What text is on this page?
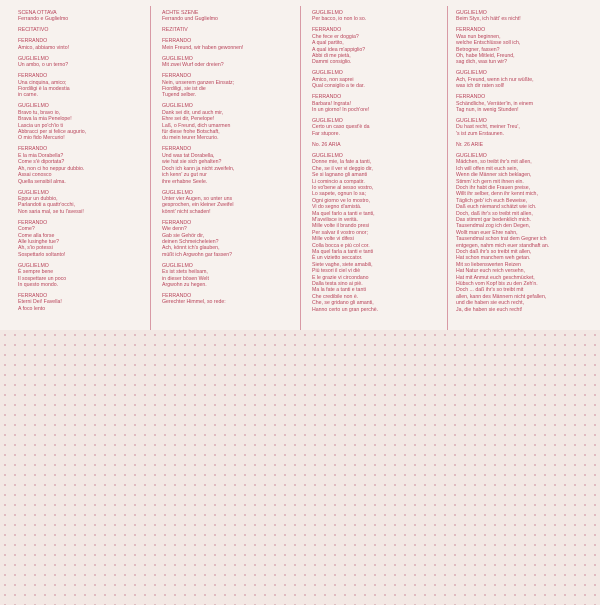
SCENA OTTAVA
Ferrando e Guglielmo
RECITATIVO
FERRANDO
Amico, abbiamo vinto!
GUGLIELMO
Un ambo, o un terno?
FERRANDO
Una cinquina, amico;
Fiordiligi è la modestia
in carne.
GUGLIELMO
Bravo tu, bravo io,
Brava la mia Penelope!
Lascia un po'ch'io ti
Abbracci per si felice augurio,
O mio fido Mercurio!
FERRANDO
E la mia Dorabella?
Come s'è diportata?
Ah, non ci ho neppur dubbio.
Assai conosco
Quella sensibil alma.
GUGLIELMO
Eppur un dubbio,
Parlandoti a quattr'occhi,
Non saria mal, se tu l'avessi!
FERRANDO
Come?
Come alla forse
Alle lusinghe tue?
Ah, s'io potessi
Sospettarlo soltanto!
GUGLIELMO
È sempre bene
Il sospettare un poco
In questo mondo.
FERRANDO
Eterni Dei! Favella!
A foco lento
ACHTE SZENE
Ferrando und Guglielmo
REZITATIV
FERRANDO
Mein Freund, wir haben gewonnen!
GUGLIELMO
Mit zwei Wurf oder dreien?
FERRANDO
Nein, unserem ganzen Einsatz;
Fiordiligi, sie ist die
Tugend selber.
GUGLIELMO
Dank sei dir, und auch mir,
Ehre sei dir, Penelope!
Laß, o Freund, dich umarmen
für diese frohe Botschaft,
du mein teurer Mercurio.
FERRANDO
Und was tat Dorabella,
wie hat sie sich gehalten?
Doch ich kann ja nicht zweifeln,
ich kenn' zu gut nur
ihre erhabne Seele.
GUGLIELMO
Unter vier Augen, so unter uns
gesprochen, ein kleiner Zweifel
könnt' nicht schaden!
FERRANDO
Wie denn?
Gab sie Gehör dir,
deinen Schmeicheleien?
Ach, könnt ich's glauben,
müßt ich Argwohn gar fassen?
GUGLIELMO
Es ist stets heilsam,
in dieser bösen Welt
Argwohn zu hegen.
FERRANDO
Gerechter Himmel, so rede:
GUGLIELMO
Per bacco, io non lo so.
FERRANDO
Che fece er doggia?
A qual partito,
A qual idea m'appiglio?
Abbi di me pietà,
Dammi consiglio.
GUGLIELMO
Amico, non saprei
Qual consiglio a te dar.
FERRANDO
Barbara! Ingrata!
In un giorno! In poch'ore!
GUGLIELMO
Certo un caso quest'è da
Far stupore.
No. 26 ARIA
GUGLIELMO
Donne mie, la fate a tanti,
Che, se il ver vi deggio dir,
Se si lagnano gli amanti
Li comincio a compatir.
Io vo'bene al sesso vostro,
Lo sapete, ognun lo sa;
Ogni giorno ve lo mostro,
Vi do segno d'amistà.
Ma quel farlo a tanti e tanti,
M'avvilisce in verità.
Mille volte il brando presi
Per salvar il vostro onor;
Mille volte vi difesi
Colla bocca e più col cor.
Ma quel farla a tanti e tanti
È un vizietto seccator.
Siete vaghe, siete amabili,
Più tesori il ciel vi diè
E le grazie vi circondano
Dalla testa sino ai piè.
Ma la fate a tanti e tanti
Che credibile non è.
Che, se gridano gli amanti,
Hanno certo un gran perchè.
GUGLIELMO
Beim Styx, ich hätt' es nicht!
FERRANDO
Was nun beginnen,
welche Entschlüsse soll ich,
Betrogner, fassen?
Oh, habe Mitleid, Freund,
sag dich, was tun wir?
GUGLIELMO
Ach, Freund, wenn ich nur wüßte,
was ich dir raten soll!
FERRANDO
Schändliche, Verräter'in, in einem
Tag nun, in wenig Stunden!
GUGLIELMO
Du hast recht, meiner Treu',
's ist zum Erstaunen.
Nr. 26 ARIE
GUGLIELMO
Mädchen, so treibt ihr's mit allen,
Ich will offen mit euch sein,
Wenn die Männer sich beklagen,
Stimm' ich gern mit ihnen ein.
Doch ihr habt die Frauen preise,
Willt ihr selber, denn ihr kennt mich,
Täglich geb' ich euch Beweise,
Daß euch niemand schätzt wie ich.
Doch, daß ihr's so treibt mit allen,
Das stimmt gar bedenklich mich.
Tausendmal zog ich den Degen,
Wollt man euer Ehre nahn,
Tausendmal schon trat dem Gegner ich
entgegen, nahm mich euer standhaft an.
Doch daß ihr's so treibt mit allen,
Hat schon manchem weh getan.
Mit so liebenswerten Reizen
Hat Natur euch reich versehn,
Hat mit Anmut euch geschmücket,
Hübsch vom Kopf bis zu den Zeh'n.
Doch ... daß ihr's so treibt mit
allen, kann des Männern nicht gefallen,
und die haben sie euch recht,
Ja, die haben sie euch recht!
